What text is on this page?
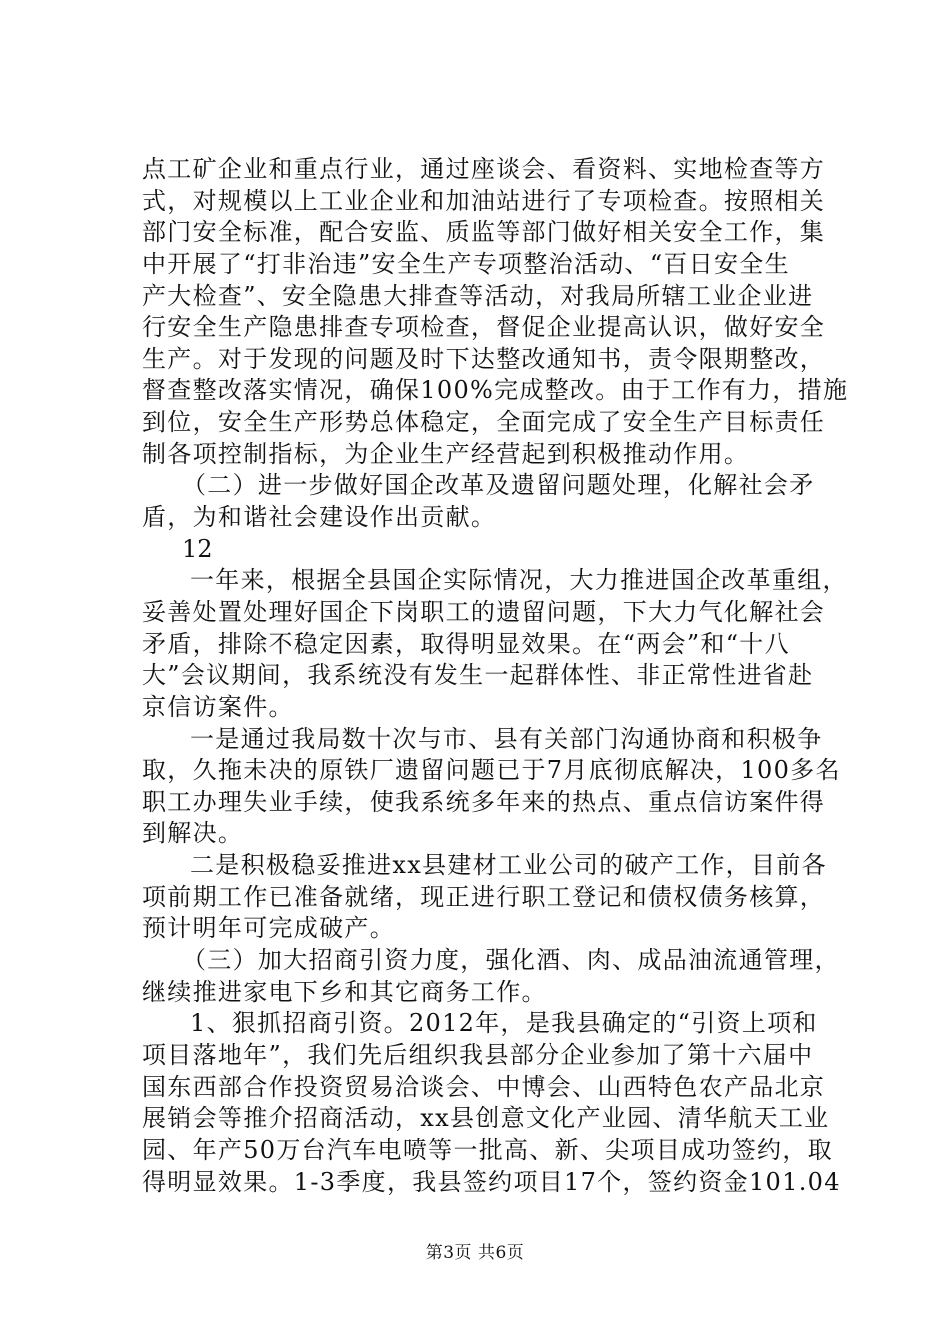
点工矿企业和重点行业，通过座谈会、看资料、实地检查等方
式，对规模以上工业企业和加油站进行了专项检查。按照相关
部门安全标准，配合安监、质监等部门做好相关安全工作，集
中开展了“打非治违”安全生产专项整治活动、“百日安全生
产大检查”、安全隐患大排查等活动，对我局所辖工业企业进
行安全生产隐患排查专项检查，督促企业提高认识，做好安全
生产。对于发现的问题及时下达整改通知书，责令限期整改，
督查整改落实情况，确保100%完成整改。由于工作有力，措施
到位，安全生产形势总体稳定，全面完成了安全生产目标责任
制各项控制指标，为企业生产经营起到积极推动作用。
（二）进一步做好国企改革及遗留问题处理，化解社会矛
盾，为和谐社会建设作出贡献。
12
一年来，根据全县国企实际情况，大力推进国企改革重组，
妥善处置处理好国企下岗职工的遗留问题，下大力气化解社会
矛盾，排除不稳定因素，取得明显效果。在“两会”和“十八
大”会议期间，我系统没有发生一起群体性、非正常性进省赴
京信访案件。
一是通过我局数十次与市、县有关部门沟通协商和积极争
取，久拖未决的原铁厂遗留问题已于7月底彻底解决，100多名
职工办理失业手续，使我系统多年来的热点、重点信访案件得
到解决。
二是积极稳妥推进xx县建材工业公司的破产工作，目前各
项前期工作已准备就绪，现正进行职工登记和债权债务核算，
预计明年可完成破产。
（三）加大招商引资力度，强化酒、肉、成品油流通管理，
继续推进家电下乡和其它商务工作。
1、狠抓招商引资。2012年，是我县确定的“引资上项和
项目落地年”，我们先后组织我县部分企业参加了第十六届中
国东西部合作投资贸易洽谈会、中博会、山西特色农产品北京
展销会等推介招商活动，xx县创意文化产业园、清华航天工业
园、年产50万台汽车电喷等一批高、新、尖项目成功签约，取
得明显效果。1-3季度，我县签约项目17个，签约资金101.04
第3页 共6页
